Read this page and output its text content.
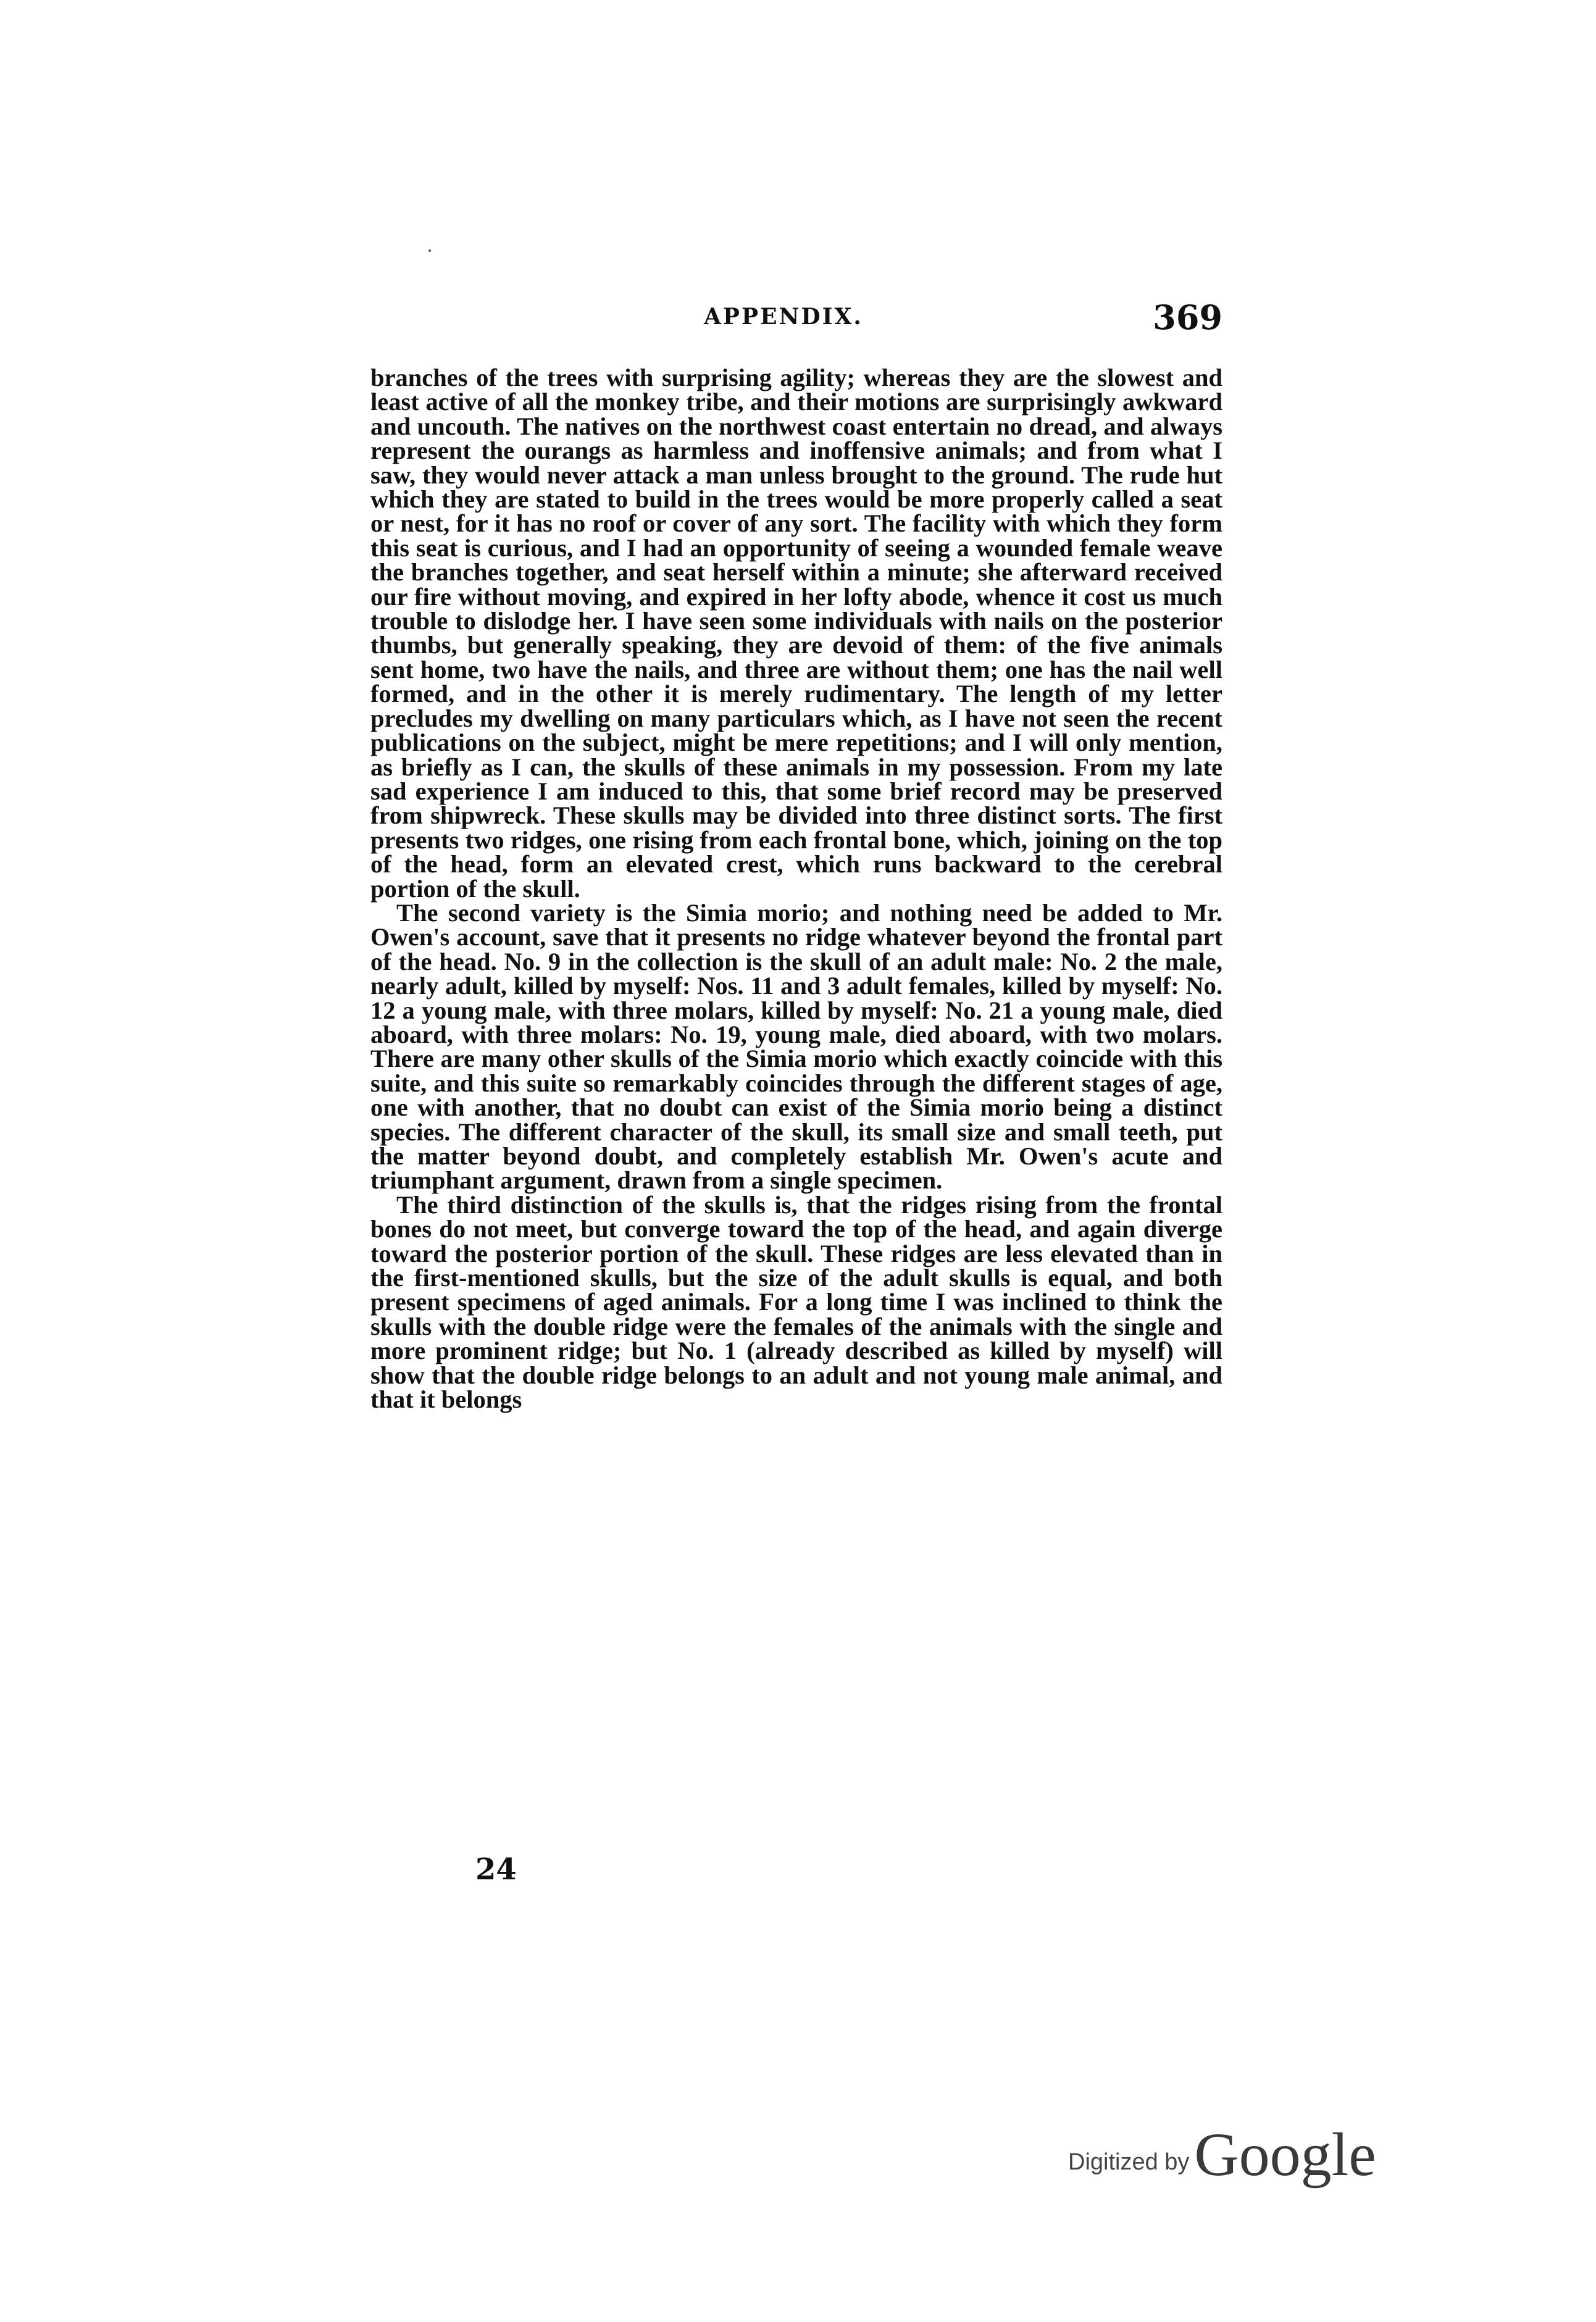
APPENDIX.	369

branches of the trees with surprising agility; whereas they are the slowest and least active of all the monkey tribe, and their motions are surprisingly awkward and uncouth. The natives on the northwest coast entertain no dread, and always represent the ourangs as harmless and inoffensive animals; and from what I saw, they would never attack a man unless brought to the ground. The rude hut which they are stated to build in the trees would be more properly called a seat or nest, for it has no roof or cover of any sort. The facility with which they form this seat is curious, and I had an opportunity of seeing a wounded female weave the branches together, and seat herself within a minute; she afterward received our fire without moving, and expired in her lofty abode, whence it cost us much trouble to dislodge her. I have seen some individuals with nails on the posterior thumbs, but generally speaking, they are devoid of them: of the five animals sent home, two have the nails, and three are without them; one has the nail well formed, and in the other it is merely rudimentary. The length of my letter precludes my dwelling on many particulars which, as I have not seen the recent publications on the subject, might be mere repetitions; and I will only mention, as briefly as I can, the skulls of these animals in my possession. From my late sad experience I am induced to this, that some brief record may be preserved from shipwreck. These skulls may be divided into three distinct sorts. The first presents two ridges, one rising from each frontal bone, which, joining on the top of the head, form an elevated crest, which runs backward to the cerebral portion of the skull.

The second variety is the Simia morio; and nothing need be added to Mr. Owen's account, save that it presents no ridge whatever beyond the frontal part of the head. No. 9 in the collection is the skull of an adult male: No. 2 the male, nearly adult, killed by myself: Nos. 11 and 3 adult females, killed by myself: No. 12 a young male, with three molars, killed by myself: No. 21 a young male, died aboard, with three molars: No. 19, young male, died aboard, with two molars. There are many other skulls of the Simia morio which exactly coincide with this suite, and this suite so remarkably coincides through the different stages of age, one with another, that no doubt can exist of the Simia morio being a distinct species. The different character of the skull, its small size and small teeth, put the matter beyond doubt, and completely establish Mr. Owen's acute and triumphant argument, drawn from a single specimen.

The third distinction of the skulls is, that the ridges rising from the frontal bones do not meet, but converge toward the top of the head, and again diverge toward the posterior portion of the skull. These ridges are less elevated than in the first-mentioned skulls, but the size of the adult skulls is equal, and both present specimens of aged animals. For a long time I was inclined to think the skulls with the double ridge were the females of the animals with the single and more prominent ridge; but No. 1 (already described as killed by myself) will show that the double ridge belongs to an adult and not young male animal, and that it belongs

24
Digitized by Google
